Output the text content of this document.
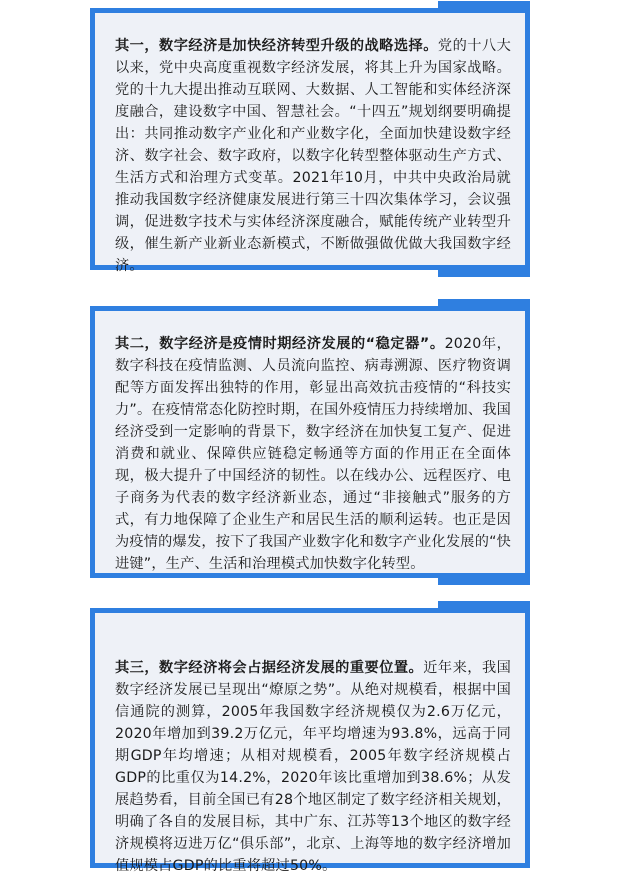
其一，数字经济是加快经济转型升级的战略选择。党的十八大以来，党中央高度重视数字经济发展，将其上升为国家战略。党的十九大提出推动互联网、大数据、人工智能和实体经济深度融合，建设数字中国、智慧社会。“十四五”规划纲要明确提出：共同推动数字产业化和产业数字化，全面加快建设数字经济、数字社会、数字政府，以数字化转型整体驱动生产方式、生活方式和治理方式变革。2021年10月，中共中央政治局就推动我国数字经济健康发展进行第三十四次集体学习，会议强调，促进数字技术与实体经济深度融合，赋能传统产业转型升级，催生新产业新业态新模式，不断做强做优做大我国数字经济。

其二，数字经济是疫情时期经济发展的“稳定器”。2020年，数字科技在疫情监测、人员流向监控、病毒溯源、医疗物资调配等方面发挥出独特的作用，彰显出高效抗击疫情的“科技实力”。在疫情常态化防控时期，在国外疫情压力持续增加、我国经济受到一定影响的背景下，数字经济在加快复工复产、促进消费和就业、保障供应链稳定畅通等方面的作用正在全面体现，极大提升了中国经济的韧性。以在线办公、远程医疗、电子商务为代表的数字经济新业态，通过“非接触式”服务的方式，有力地保障了企业生产和居民生活的顺利运转。也正是因为疫情的爆发，按下了我国产业数字化和数字产业化发展的“快进键”，生产、生活和治理模式加快数字化转型。

其三，数字经济将会占据经济发展的重要位置。近年来，我国数字经济发展已呈现出“燎原之势”。从绝对规模看，根据中国信通院的测算，2005年我国数字经济规模仅为2.6万亿元，2020年增加到39.2万亿元，年平均增速为93.8%，远高于同期GDP年均增速；从相对规模看，2005年数字经济规模占GDP的比重仅为14.2%，2020年该比重增加到38.6%；从发展趋势看，目前全国已有28个地区制定了数字经济相关规划，明确了各自的发展目标，其中广东、江苏等13个地区的数字经济规模将迈进万亿“俱乐部”，北京、上海等地的数字经济增加值规模占GDP的比重将超过50%。
